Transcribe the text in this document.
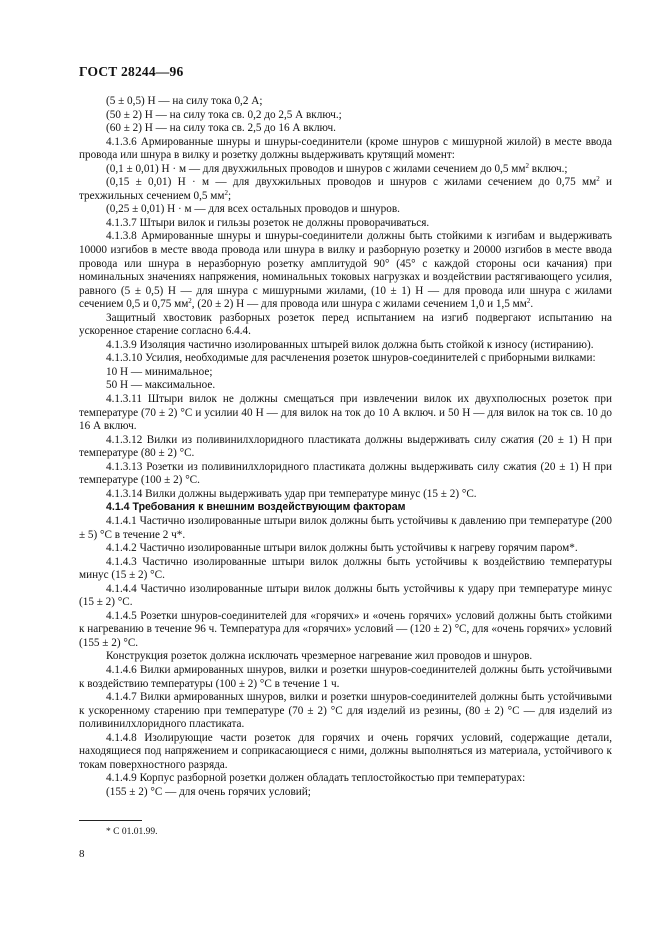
ГОСТ 28244—96

(5 ± 0,5) Н — на силу тока 0,2 А;

(50 ± 2) Н — на силу тока св. 0,2 до 2,5 А включ.;

(60 ± 2) Н — на силу тока св. 2,5 до 16 А включ.

4.1.3.6 Армированные шнуры и шнуры-соединители (кроме шнуров с мишурной жилой) в месте ввода провода или шнура в вилку и розетку должны выдерживать крутящий момент:

(0,1 ± 0,01) Н · м — для двухжильных проводов и шнуров с жилами сечением до 0,5 $мм^2$ включ.;

(0,15 ± 0,01) Н · м — для двухжильных проводов и шнуров с жилами сечением до 0,75 $мм^2$ и трехжильных сечением 0,5 $мм^2$;

(0,25 ± 0,01) Н · м — для всех остальных проводов и шнуров.

4.1.3.7 Штыри вилок и гильзы розеток не должны проворачиваться.

4.1.3.8 Армированные шнуры и шнуры-соединители должны быть стойкими к изгибам и выдерживать 10000 изгибов в месте ввода провода или шнура в вилку и разборную розетку и 20000 изгибов в месте ввода провода или шнура в неразборную розетку амплитудой 90° (45° с каждой стороны оси качания) при номинальных значениях напряжения, номинальных токовых нагрузках и воздействии растягивающего усилия, равного (5 ± 0,5) Н — для шнура с мишурными жилами, (10 ± 1) Н — для провода или шнура с жилами сечением 0,5 и 0,75 $мм^2$, (20 ± 2) Н — для провода или шнура с жилами сечением 1,0 и 1,5 $мм^2$.

Защитный хвостовик разборных розеток перед испытанием на изгиб подвергают испытанию на ускоренное старение согласно 6.4.4.

4.1.3.9 Изоляция частично изолированных штырей вилок должна быть стойкой к износу (истиранию).

4.1.3.10 Усилия, необходимые для расчленения розеток шнуров-соединителей с приборными вилками:

10 Н — минимальное;

50 Н — максимальное.

4.1.3.11 Штыри вилок не должны смещаться при извлечении вилок их двухполюсных розеток при температуре (70 ± 2) °С и усилии 40 Н — для вилок на ток до 10 А включ. и 50 Н — для вилок на ток св. 10 до 16 А включ.

4.1.3.12 Вилки из поливинилхлоридного пластиката должны выдерживать силу сжатия (20 ± 1) Н при температуре (80 ± 2) °С.

4.1.3.13 Розетки из поливинилхлоридного пластиката должны выдерживать силу сжатия (20 ± 1) Н при температуре (100 ± 2) °С.

4.1.3.14 Вилки должны выдерживать удар при температуре минус (15 ± 2) °С.

4.1.4 Требования к внешним воздействующим факторам

4.1.4.1 Частично изолированные штыри вилок должны быть устойчивы к давлению при температуре (200 ± 5) °С в течение 2 ч*.

4.1.4.2 Частично изолированные штыри вилок должны быть устойчивы к нагреву горячим паром*.

4.1.4.3 Частично изолированные штыри вилок должны быть устойчивы к воздействию температуры минус (15 ± 2) °С.

4.1.4.4 Частично изолированные штыри вилок должны быть устойчивы к удару при температуре минус (15 ± 2) °С.

4.1.4.5 Розетки шнуров-соединителей для «горячих» и «очень горячих» условий должны быть стойкими к нагреванию в течение 96 ч. Температура для «горячих» условий — (120 ± 2) °С, для «очень горячих» условий (155 ± 2) °С.

Конструкция розеток должна исключать чрезмерное нагревание жил проводов и шнуров.

4.1.4.6 Вилки армированных шнуров, вилки и розетки шнуров-соединителей должны быть устойчивыми к воздействию температуры (100 ± 2) °С в течение 1 ч.

4.1.4.7 Вилки армированных шнуров, вилки и розетки шнуров-соединителей должны быть устойчивыми к ускоренному старению при температуре (70 ± 2) °С для изделий из резины, (80 ± 2) °С — для изделий из поливинилхлоридного пластиката.

4.1.4.8 Изолирующие части розеток для горячих и очень горячих условий, содержащие детали, находящиеся под напряжением и соприкасающиеся с ними, должны выполняться из материала, устойчивого к токам поверхностного разряда.

4.1.4.9 Корпус разборной розетки должен обладать теплостойкостью при температурах:

(155 ± 2) °С — для очень горячих условий;

* С 01.01.99.
8
